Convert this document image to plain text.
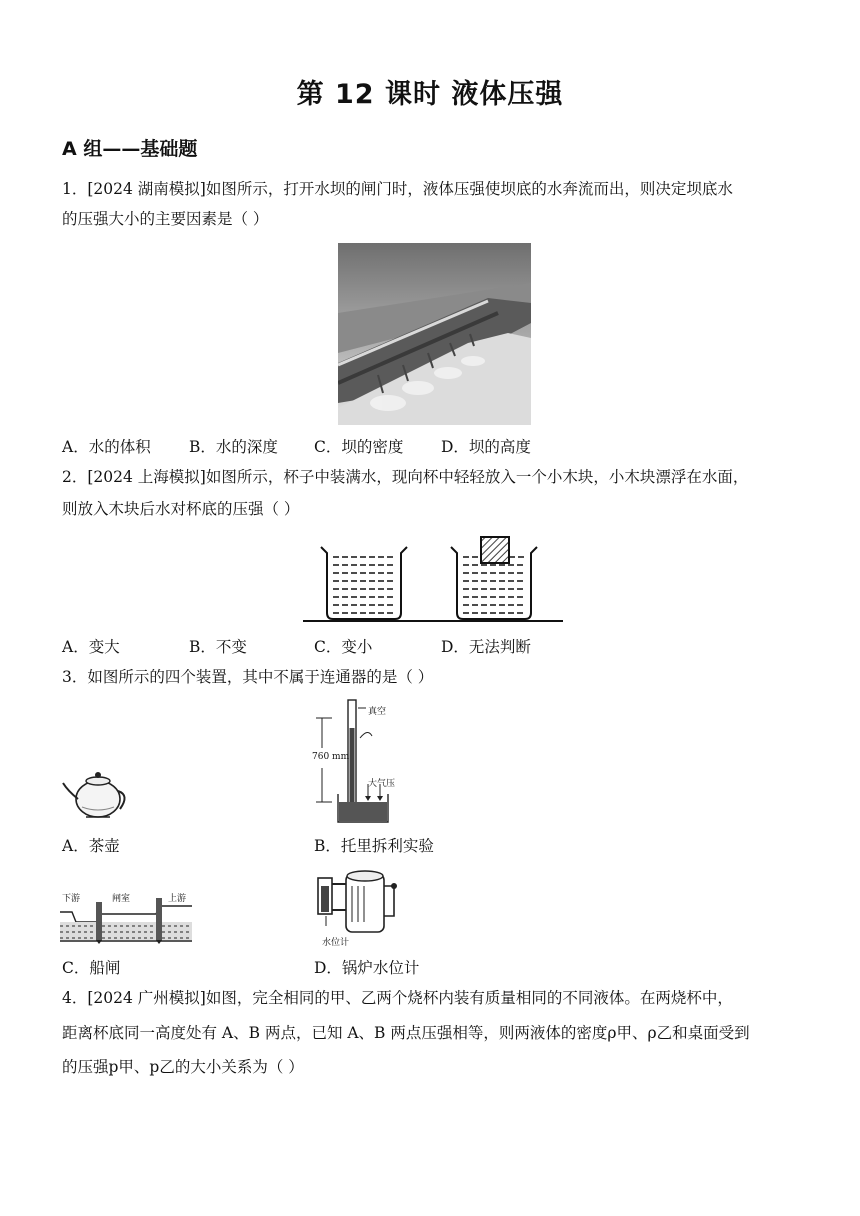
第 12 课时 液体压强
A 组——基础题
1．[2024 湖南模拟]如图所示，打开水坝的闸门时，液体压强使坝底的水奔流而出，则决定坝底水
的压强大小的主要因素是（ ）
A．水的体积 B．水的深度 C．坝的密度 D．坝的高度
2．[2024 上海模拟]如图所示，杯子中装满水，现向杯中轻轻放入一个小木块，小木块漂浮在水面，
则放入木块后水对杯底的压强（ ）
A．变大	B．不变	C．变小	D．无法判断
3．如图所示的四个装置，其中不属于连通器的是（ ）
真空
760 mm
大气压
A．茶壶	B．托里拆利实验
下游	闸室	上游
水位计
C．船闸	D．锅炉水位计
4．[2024 广州模拟]如图，完全相同的甲、乙两个烧杯内装有质量相同的不同液体。在两烧杯中，
距离杯底同一高度处有 A、B 两点，已知 A、B 两点压强相等，则两液体的密度ρ甲、ρ乙和桌面受到
的压强p甲、p乙的大小关系为（ ）
